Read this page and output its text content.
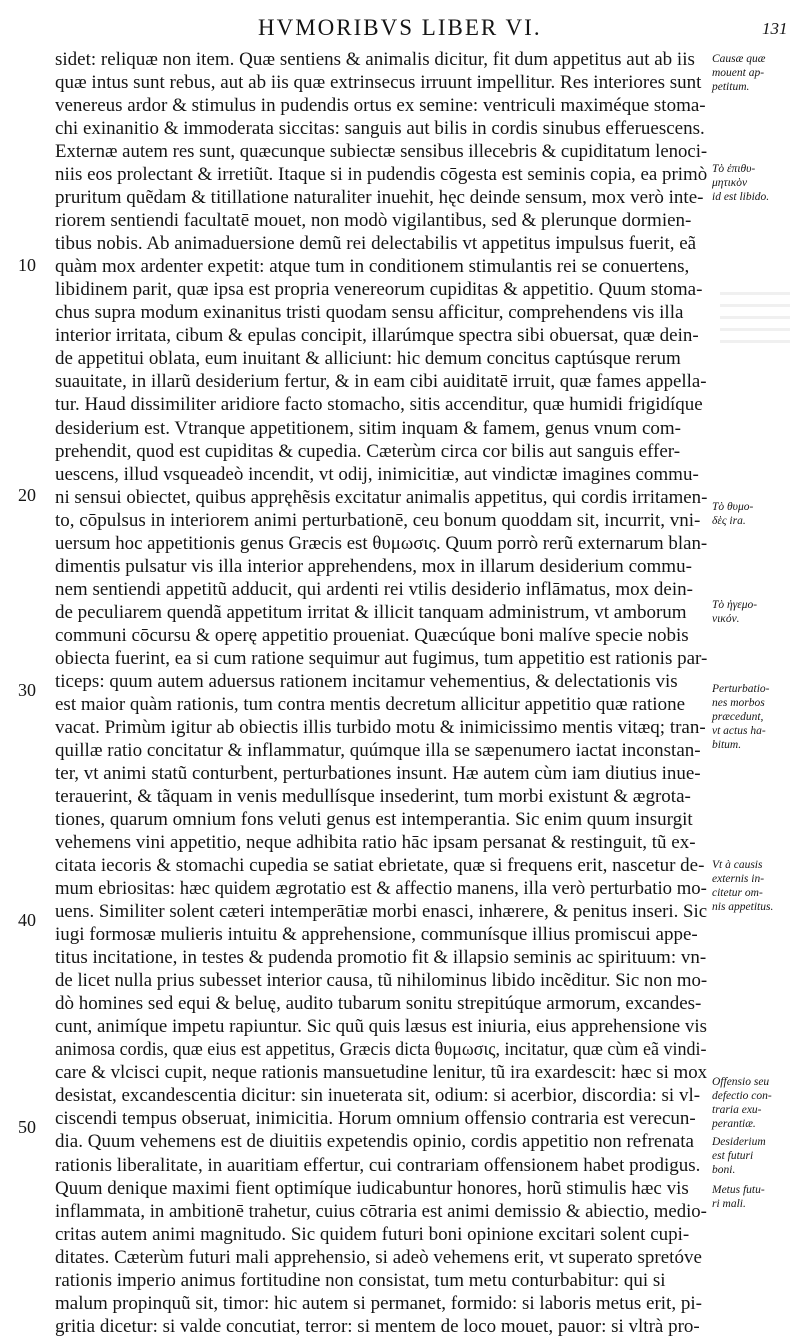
HVMORIBVS LIBER VI.	131
sidet: reliquæ non item. Quæ sentiens & animalis dicitur, fit dum appetitus aut ab iis
quæ intus sunt rebus, aut ab iis quæ extrinsecus irruunt impellitur. Res interiores sunt
venereus ardor & stimulus in pudendis ortus ex semine: ventriculi maximéque stoma-
chi exinanitio & immoderata siccitas: sanguis aut bilis in cordis sinubus efferuescens.
Externæ autem res sunt, quæcunque subiectæ sensibus illecebris & cupiditatum lenoci-
niis eos prolectant & irretiũt. Itaque si in pudendis cōgesta est seminis copia, ea primò
pruritum quẽdam & titillatione naturaliter inuehit, hęc deinde sensum, mox verò inte-
riorem sentiendi facultatē mouet, non modò vigilantibus, sed & plerunque dormien-
tibus nobis. Ab animaduersione demũ rei delectabilis vt appetitus impulsus fuerit, eã
quàm mox ardenter expetit: atque tum in conditionem stimulantis rei se conuertens,
libidinem parit, quæ ipsa est propria venereorum cupiditas & appetitio. Quum stoma-
chus supra modum exinanitus tristi quodam sensu afficitur, comprehendens vis illa
interior irritata, cibum & epulas concipit, illarúmque spectra sibi obuersat, quæ dein-
de appetitui oblata, eum inuitant & alliciunt: hic demum concitus captúsque rerum
suauitate, in illarũ desiderium fertur, & in eam cibi auiditatē irruit, quæ fames appella-
tur. Haud dissimiliter aridiore facto stomacho, sitis accenditur, quæ humidi frigidíque
desiderium est. Vtranque appetitionem, sitim inquam & famem, genus vnum com-
prehendit, quod est cupiditas & cupedia. Cæterùm circa cor bilis aut sanguis effer-
uescens, illud vsqueadeò incendit, vt odij, inimicitiæ, aut vindictæ imagines commu-
ni sensui obiectet, quibus appręhẽsis excitatur animalis appetitus, qui cordis irritamen-
to, cōpulsus in interiorem animi perturbationē, ceu bonum quoddam sit, incurrit, vni-
uersum hoc appetitionis genus Græcis est θυμωσις. Quum porrò rerũ externarum blan-
dimentis pulsatur vis illa interior apprehendens, mox in illarum desiderium commu-
nem sentiendi appetitũ adducit, qui ardenti rei vtilis desiderio inflāmatus, mox dein-
de peculiarem quendã appetitum irritat & illicit tanquam administrum, vt amborum
communi cōcursu & operę appetitio proueniat. Quæcúque boni malíve specie nobis
obiecta fuerint, ea si cum ratione sequimur aut fugimus, tum appetitio est rationis par-
ticeps: quum autem aduersus rationem incitamur vehementius, & delectationis vis
est maior quàm rationis, tum contra mentis decretum allicitur appetitio quæ ratione
vacat. Primùm igitur ab obiectis illis turbido motu & inimicissimo mentis vitæq; tran-
quillæ ratio concitatur & inflammatur, quúmque illa se sæpenumero iactat inconstan-
ter, vt animi statũ conturbent, perturbationes insunt. Hæ autem cùm iam diutius inue-
terauerint, & tãquam in venis medullísque insederint, tum morbi existunt & ægrota-
tiones, quarum omnium fons veluti genus est intemperantia. Sic enim quum insurgit
vehemens vini appetitio, neque adhibita ratio hāc ipsam persanat & restinguit, tũ ex-
citata iecoris & stomachi cupedia se satiat ebrietate, quæ si frequens erit, nascetur de-
mum ebriositas: hæc quidem ægrotatio est & affectio manens, illa verò perturbatio mo-
uens. Similiter solent cæteri intemperātiæ morbi enasci, inhærere, & penitus inseri. Sic
iugi formosæ mulieris intuitu & apprehensione, communísque illius promiscui appe-
titus incitatione, in testes & pudenda promotio fit & illapsio seminis ac spirituum: vn-
de licet nulla prius subesset interior causa, tũ nihilominus libido incẽditur. Sic non mo-
dò homines sed equi & beluę, audito tubarum sonitu strepitúque armorum, excandes-
cunt, animíque impetu rapiuntur. Sic quũ quis læsus est iniuria, eius apprehensione vis
animosa cordis, quæ eius est appetitus, Græcis dicta θυμωσις, incitatur, quæ cùm eã vindi-
care & vlcisci cupit, neque rationis mansuetudine lenitur, tũ ira exardescit: hæc si mox
desistat, excandescentia dicitur: sin inueterata sit, odium: si acerbior, discordia: si vl-
ciscendi tempus obseruat, inimicitia. Horum omnium offensio contraria est verecun-
dia. Quum vehemens est de diuitiis expetendis opinio, cordis appetitio non refrenata
rationis liberalitate, in auaritiam effertur, cui contrariam offensionem habet prodigus.
Quum denique maximi fient optimíque iudicabuntur honores, horũ stimulis hæc vis
inflammata, in ambitionē trahetur, cuius cōtraria est animi demissio & abiectio, medio-
critas autem animi magnitudo. Sic quidem futuri boni opinione excitari solent cupi-
ditates. Cæterùm futuri mali apprehensio, si adeò vehemens erit, vt superato spretóve
rationis imperio animus fortitudine non consistat, tum metu conturbabitur: qui si
malum propinquũ sit, timor: hic autem si permanet, formido: si laboris metus erit, pi-
gritia dicetur: si valde concutiat, terror: si mentem de loco mouet, pauor: si vltrà pro-
10
20
30
40
50
Causæ quæ
mouent ap-
petitum.
Τὸ ἐπιθυ-
μητικὸν
id est libido.
Τὸ θυμο-
δὲς ira.
Τὸ ἡγεμο-
νικόν.
Perturbatio-
nes morbos
præcedunt,
vt actus ha-
bitum.
Vt à causis
externis in-
citetur om-
nis appetitus.
Offensio seu
defectio con-
traria exu-
perantiæ.
Desiderium
est futuri
boni.
Metus futu-
ri mali.
